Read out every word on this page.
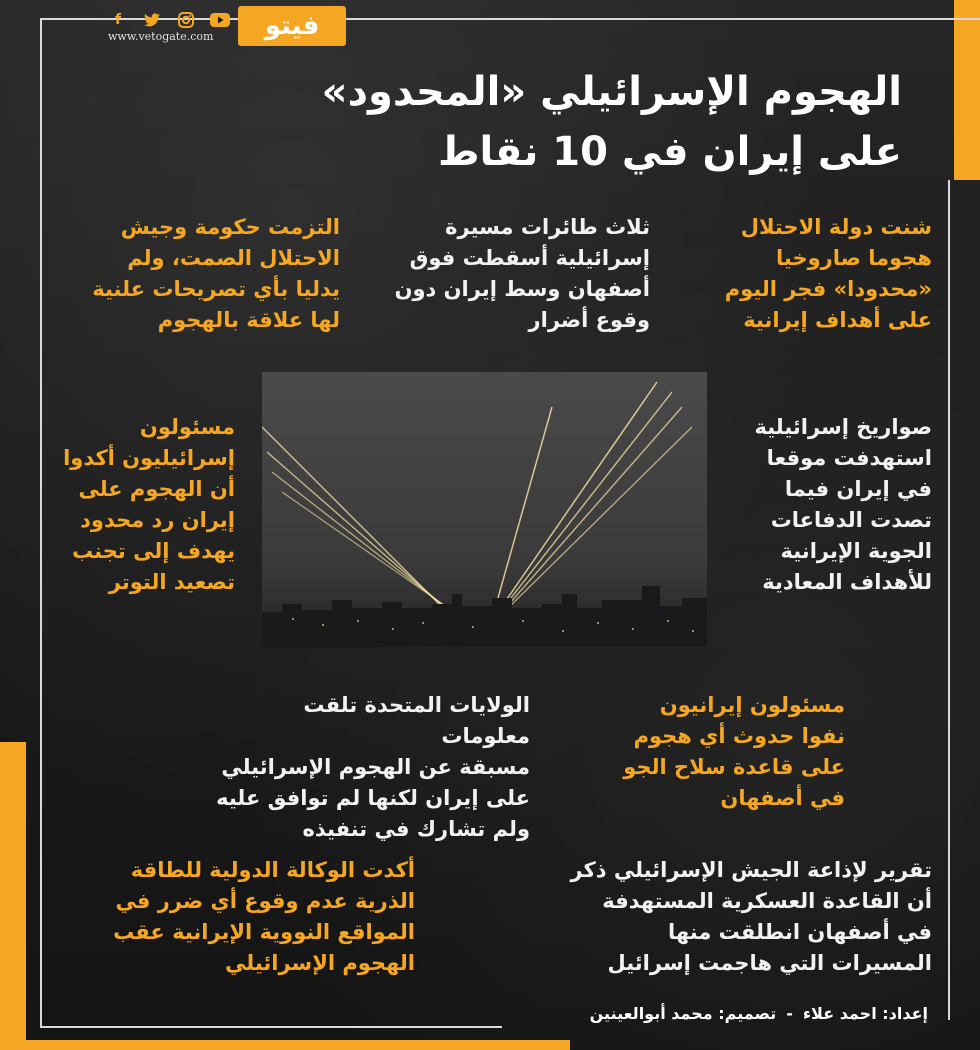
f
www.vetogate.com	فيتو
الهجوم الإسرائيلي «المحدود»
على إيران في 10 نقاط
شنت دولة الاحتلال
هجوما صاروخيا
«محدودا» فجر اليوم
على أهداف إيرانية
ثلاث طائرات مسيرة
إسرائيلية أسقطت فوق
أصفهان وسط إيران دون
وقوع أضرار
التزمت حكومة وجيش
الاحتلال الصمت، ولم
يدليا بأي تصريحات علنية
لها علاقة بالهجوم
صواريخ إسرائيلية
استهدفت موقعا
في إيران فيما
تصدت الدفاعات
الجوية الإيرانية
للأهداف المعادية
مسئولون
إسرائيليون أكدوا
أن الهجوم على
إيران رد محدود
يهدف إلى تجنب
تصعيد التوتر
مسئولون إيرانيون
نفوا حدوث أي هجوم
على قاعدة سلاح الجو
في أصفهان
الولايات المتحدة تلقت معلومات
مسبقة عن الهجوم الإسرائيلي
على إيران لكنها لم توافق عليه
ولم تشارك في تنفيذه
تقرير لإذاعة الجيش الإسرائيلي ذكر
أن القاعدة العسكرية المستهدفة
في أصفهان انطلقت منها
المسيرات التي هاجمت إسرائيل
أكدت الوكالة الدولية للطاقة
الذرية عدم وقوع أي ضرر في
المواقع النووية الإيرانية عقب
الهجوم الإسرائيلي
إعداد: احمد علاء
-
تصميم: محمد أبوالعينين
